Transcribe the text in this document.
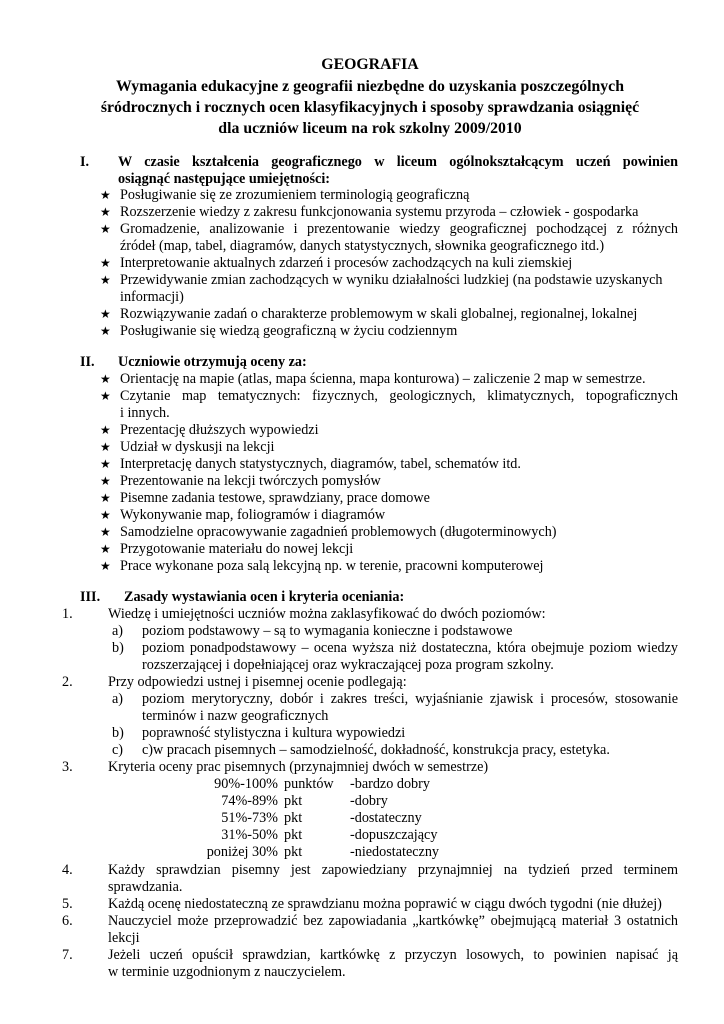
GEOGRAFIA
Wymagania edukacyjne z geografii niezbędne do uzyskania poszczególnych
śródrocznych i rocznych ocen klasyfikacyjnych i sposoby sprawdzania osiągnięć
dla uczniów liceum na rok szkolny 2009/2010
I. W czasie kształcenia geograficznego w liceum ogólnokształcącym uczeń powinien
osiągnąć następujące umiejętności:
★ Posługiwanie się ze zrozumieniem terminologią geograficzną
★ Rozszerzenie wiedzy z zakresu funkcjonowania systemu przyroda – człowiek - gospodarka
★ Gromadzenie, analizowanie i prezentowanie wiedzy geograficznej pochodzącej z różnych
źródeł (map, tabel, diagramów, danych statystycznych, słownika geograficznego itd.)
★ Interpretowanie aktualnych zdarzeń i procesów zachodzących na kuli ziemskiej
★ Przewidywanie zmian zachodzących w wyniku działalności ludzkiej (na podstawie uzyskanych
informacji)
★ Rozwiązywanie zadań o charakterze problemowym w skali globalnej, regionalnej, lokalnej
★ Posługiwanie się wiedzą geograficzną w życiu codziennym
II. Uczniowie otrzymują oceny za:
★ Orientację na mapie (atlas, mapa ścienna, mapa konturowa) – zaliczenie 2 map w semestrze.
★ Czytanie map tematycznych: fizycznych, geologicznych, klimatycznych, topograficznych
i innych.
★ Prezentację dłuższych wypowiedzi
★ Udział w dyskusji na lekcji
★ Interpretację danych statystycznych, diagramów, tabel, schematów itd.
★ Prezentowanie na lekcji twórczych pomysłów
★ Pisemne zadania testowe, sprawdziany, prace domowe
★ Wykonywanie map, foliogramów i diagramów
★ Samodzielne opracowywanie zagadnień problemowych (długoterminowych)
★ Przygotowanie materiału do nowej lekcji
★ Prace wykonane poza salą lekcyjną np. w terenie, pracowni komputerowej
III. Zasady wystawiania ocen i kryteria oceniania:
1. Wiedzę i umiejętności uczniów można zaklasyfikować do dwóch poziomów:
a) poziom podstawowy – są to wymagania konieczne i podstawowe
b) poziom ponadpodstawowy – ocena wyższa niż dostateczna, która obejmuje poziom wiedzy
rozszerzającej i dopełniającej oraz wykraczającej poza program szkolny.
2. Przy odpowiedzi ustnej i pisemnej ocenie podlegają:
a) poziom merytoryczny, dobór i zakres treści, wyjaśnianie zjawisk i procesów, stosowanie
terminów i nazw geograficznych
b) poprawność stylistyczna i kultura wypowiedzi
c) c)w pracach pisemnych – samodzielność, dokładność, konstrukcja pracy, estetyka.
3. Kryteria oceny prac pisemnych (przynajmniej dwóch w semestrze)
90%-100% punktów -bardzo dobry
74%-89% pkt	-dobry
51%-73% pkt	-dostateczny
31%-50% pkt	-dopuszczający
poniżej 30% pkt	-niedostateczny
4. Każdy sprawdzian pisemny jest zapowiedziany przynajmniej na tydzień przed terminem
sprawdzania.
5. Każdą ocenę niedostateczną ze sprawdzianu można poprawić w ciągu dwóch tygodni (nie dłużej)
6. Nauczyciel może przeprowadzić bez zapowiadania „kartkówkę” obejmującą materiał 3 ostatnich
lekcji
7. Jeżeli uczeń opuścił sprawdzian, kartkówkę z przyczyn losowych, to powinien napisać ją
w terminie uzgodnionym z nauczycielem.
